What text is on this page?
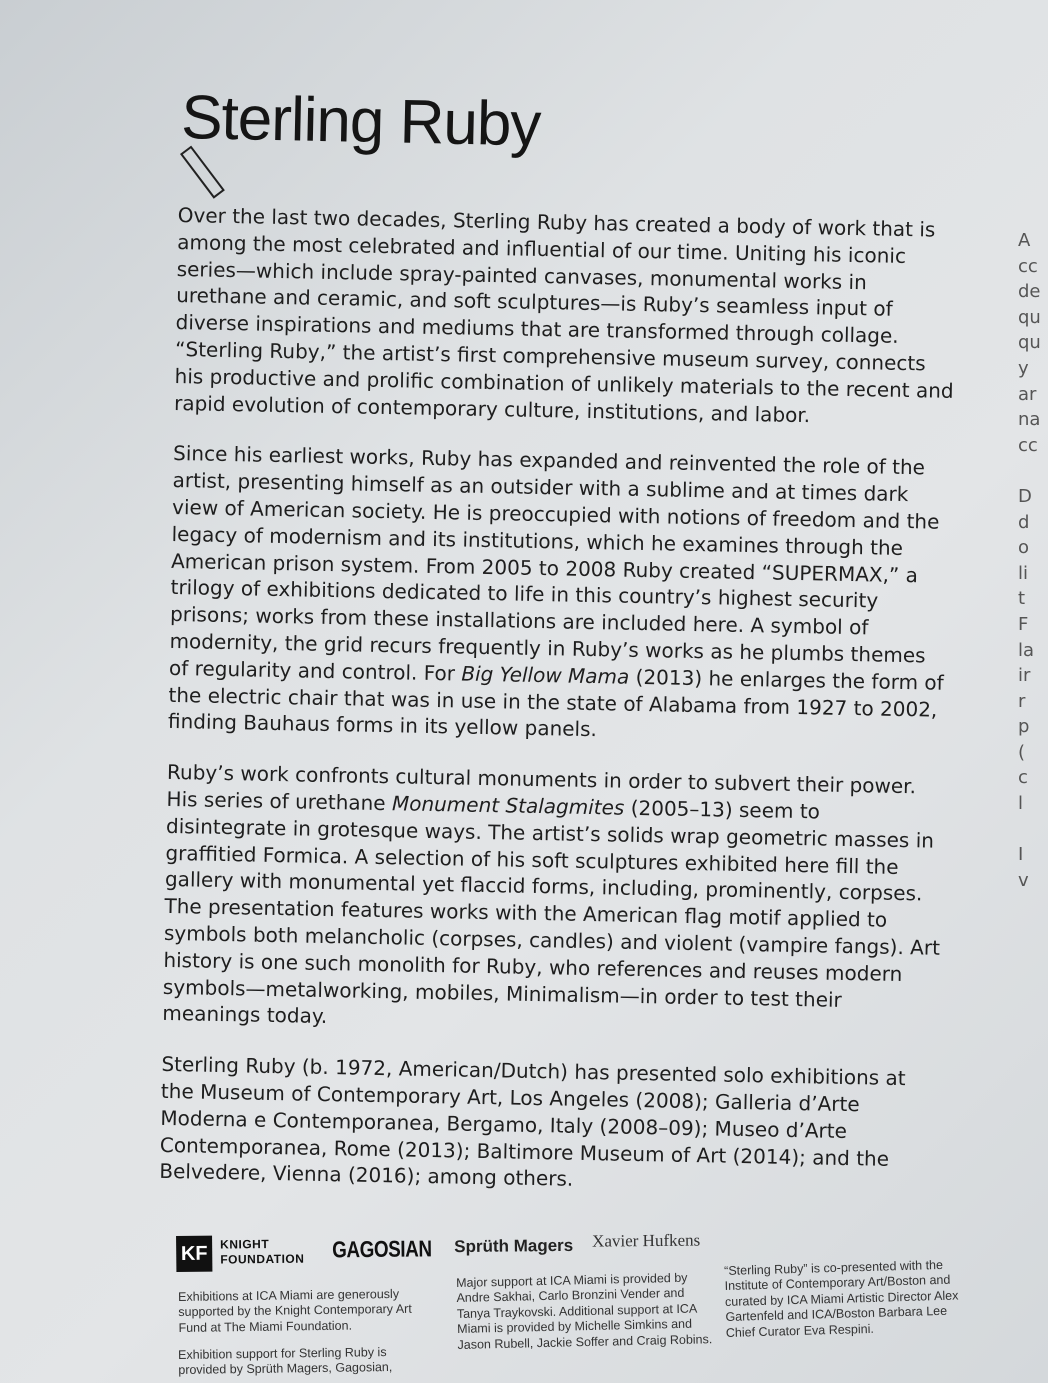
Sterling Ruby

Over the last two decades, Sterling Ruby has created a body of work that is among the most celebrated and influential of our time. Uniting his iconic series—which include spray-painted canvases, monumental works in urethane and ceramic, and soft sculptures—is Ruby’s seamless input of diverse inspirations and mediums that are transformed through collage. “Sterling Ruby,” the artist’s first comprehensive museum survey, connects his productive and prolific combination of unlikely materials to the recent and rapid evolution of contemporary culture, institutions, and labor.

Since his earliest works, Ruby has expanded and reinvented the role of the artist, presenting himself as an outsider with a sublime and at times dark view of American society. He is preoccupied with notions of freedom and the legacy of modernism and its institutions, which he examines through the American prison system. From 2005 to 2008 Ruby created “SUPERMAX,” a trilogy of exhibitions dedicated to life in this country’s highest security prisons; works from these installations are included here. A symbol of modernity, the grid recurs frequently in Ruby’s works as he plumbs themes of regularity and control. For Big Yellow Mama (2013) he enlarges the form of the electric chair that was in use in the state of Alabama from 1927 to 2002, finding Bauhaus forms in its yellow panels.

Ruby’s work confronts cultural monuments in order to subvert their power. His series of urethane Monument Stalagmites (2005–13) seem to disintegrate in grotesque ways. The artist’s solids wrap geometric masses in graffitied Formica. A selection of his soft sculptures exhibited here fill the gallery with monumental yet flaccid forms, including, prominently, corpses. The presentation features works with the American flag motif applied to symbols both melancholic (corpses, candles) and violent (vampire fangs). Art history is one such monolith for Ruby, who references and reuses modern symbols—metalworking, mobiles, Minimalism—in order to test their meanings today.

Sterling Ruby (b. 1972, American/Dutch) has presented solo exhibitions at the Museum of Contemporary Art, Los Angeles (2008); Galleria d’Arte Moderna e Contemporanea, Bergamo, Italy (2008–09); Museo d’Arte Contemporanea, Rome (2013); Baltimore Museum of Art (2014); and the Belvedere, Vienna (2016); among others.

A
cc
de
qu
qu
y
ar
na
cc
D
d
o
li
t
F
la
ir
r
p
(
c
l
I
v
KF	KNIGHT
FOUNDATION GAGOSIAN Sprüth Magers Xavier Hufkens
Exhibitions at ICA Miami are generously supported by the Knight Contemporary Art Fund at The Miami Foundation.
Exhibition support for Sterling Ruby is provided by Sprüth Magers, Gagosian,
Major support at ICA Miami is provided by Andre Sakhai, Carlo Bronzini Vender and Tanya Traykovski. Additional support at ICA Miami is provided by Michelle Simkins and Jason Rubell, Jackie Soffer and Craig Robins.
“Sterling Ruby” is co-presented with the Institute of Contemporary Art/Boston and curated by ICA Miami Artistic Director Alex Gartenfeld and ICA/Boston Barbara Lee Chief Curator Eva Respini.
